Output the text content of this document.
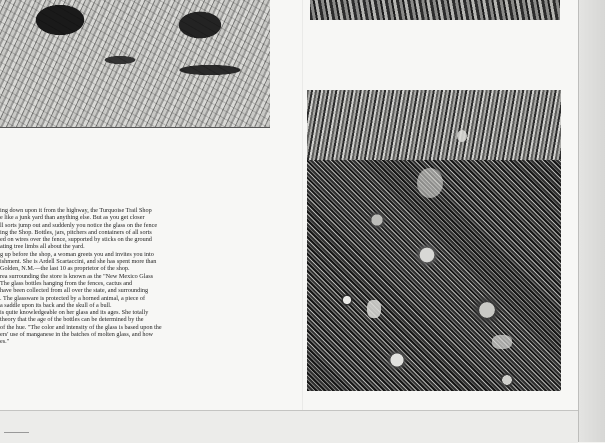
ing down upon it from the highway, the Turquoise Trail Shop
e like a junk yard than anything else. But as you get closer
ll sorts jump out and suddenly you notice the glass on the fence
ing the Shop. Bottles, jars, pitchers and containers of all sorts
ed on wires over the fence, supported by sticks on the ground
ating tree limbs all about the yard.
g up before the shop, a woman greets you and invites you into
ishment. She is Ardell Scartaccini, and she has spent more than
Golden, N.M.—the last 10 as proprietor of the shop.
rea surrounding the store is known as the "New Mexico Glass
The glass bottles hanging from the fences, cactus and
have been collected from all over the state, and surrounding
. The glassware is protected by a horned animal, a piece of
a saddle upon its back and the skull of a bull.
is quite knowledgeable on her glass and its ages. She totally
theory that the age of the bottles can be determined by the
of the hue. "The color and intensity of the glass is based upon the
ers' use of manganese in the batches of molten glass, and how
es."
